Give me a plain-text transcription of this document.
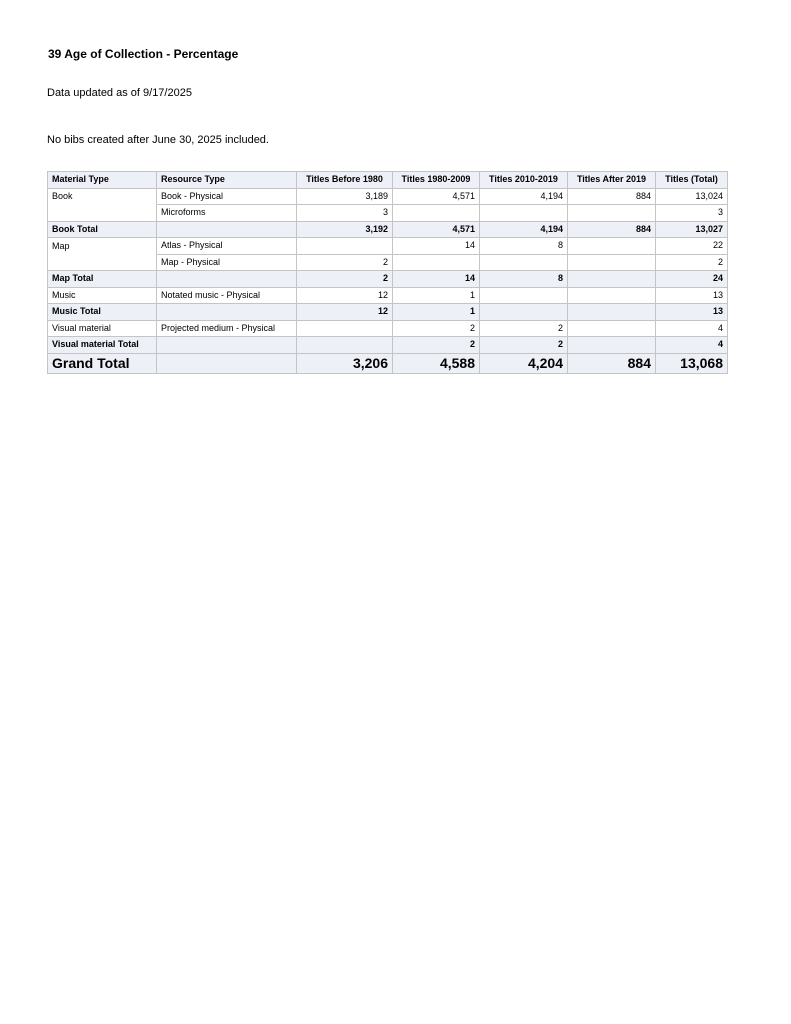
39 Age of Collection - Percentage

Data updated as of 9/17/2025

No bibs created after June 30, 2025 included.

Material Type	Resource Type	Titles Before 1980	Titles 1980-2009	Titles 2010-2019	Titles After 2019	Titles (Total)
Book	Book - Physical	3,189	4,571	4,194	884	13,024
	Microforms	3				3
Book Total		3,192	4,571	4,194	884	13,027
Map	Atlas - Physical		14	8		22
	Map - Physical	2				2
Map Total		2	14	8		24
Music	Notated music - Physical	12	1			13
Music Total		12	1			13
Visual material	Projected medium - Physical		2	2		4
Visual material Total			2	2		4
Grand Total		3,206	4,588	4,204	884	13,068
